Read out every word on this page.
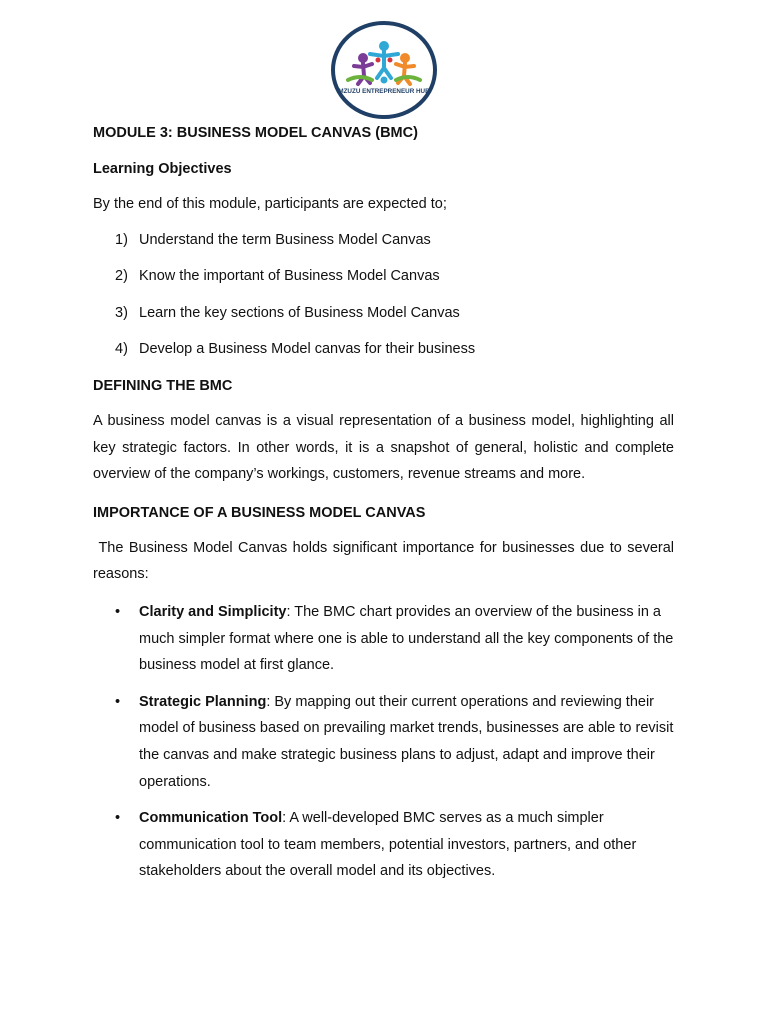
MZUZU ENTREPRENEUR HUB

MODULE 3: BUSINESS MODEL CANVAS (BMC)

Learning Objectives

By the end of this module, participants are expected to;

1) Understand the term Business Model Canvas
2) Know the important of Business Model Canvas
3) Learn the key sections of Business Model Canvas
4) Develop a Business Model canvas for their business

DEFINING THE BMC

A business model canvas is a visual representation of a business model, highlighting all key strategic factors. In other words, it is a snapshot of general, holistic and complete overview of the company’s workings, customers, revenue streams and more.

IMPORTANCE OF A BUSINESS MODEL CANVAS

The Business Model Canvas holds significant importance for businesses due to several reasons:

• Clarity and Simplicity: The BMC chart provides an overview of the business in a much simpler format where one is able to understand all the key components of the business model at first glance.
• Strategic Planning: By mapping out their current operations and reviewing their model of business based on prevailing market trends, businesses are able to revisit the canvas and make strategic business plans to adjust, adapt and improve their operations.
• Communication Tool: A well-developed BMC serves as a much simpler communication tool to team members, potential investors, partners, and other stakeholders about the overall model and its objectives.
